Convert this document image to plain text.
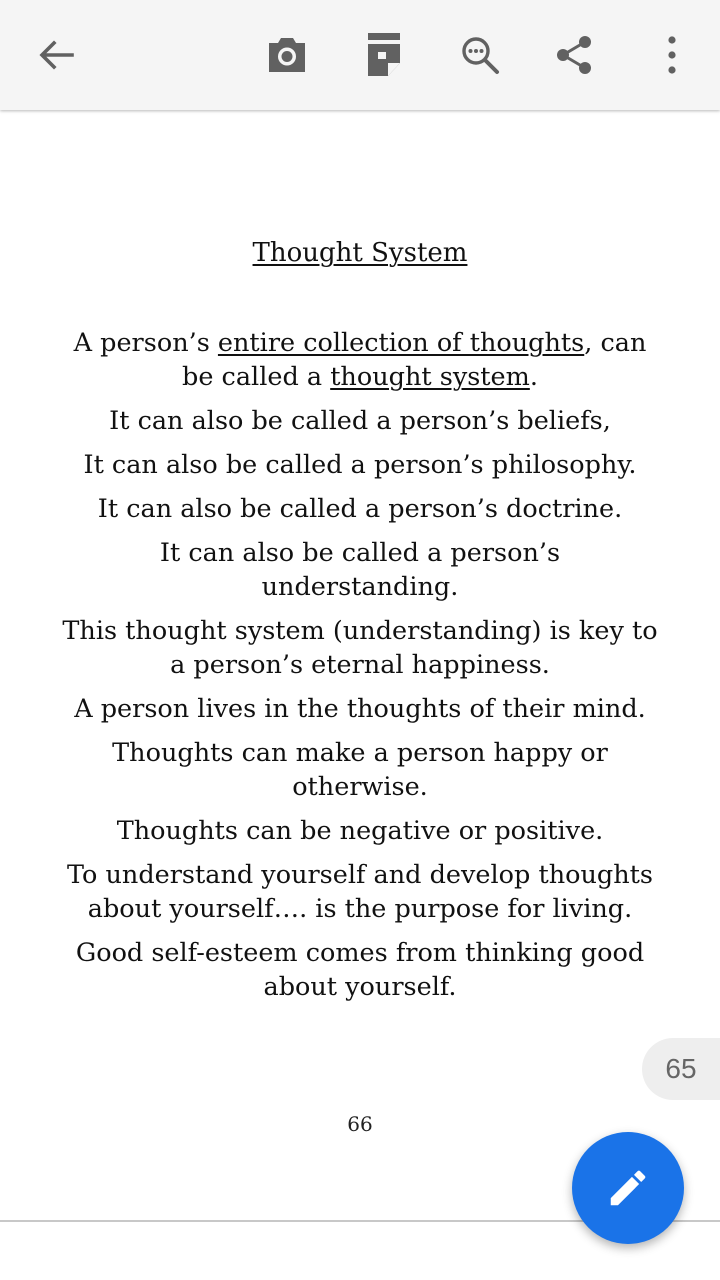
Thought System

A person’s entire collection of thoughts, can be called a thought system.

It can also be called a person’s beliefs,

It can also be called a person’s philosophy.

It can also be called a person’s doctrine.

It can also be called a person’s understanding.

This thought system (understanding) is key to a person’s eternal happiness.

A person lives in the thoughts of their mind.

Thoughts can make a person happy or otherwise.

Thoughts can be negative or positive.

To understand yourself and develop thoughts about yourself…. is the purpose for living.

Good self-esteem comes from thinking good about yourself.

66
65
